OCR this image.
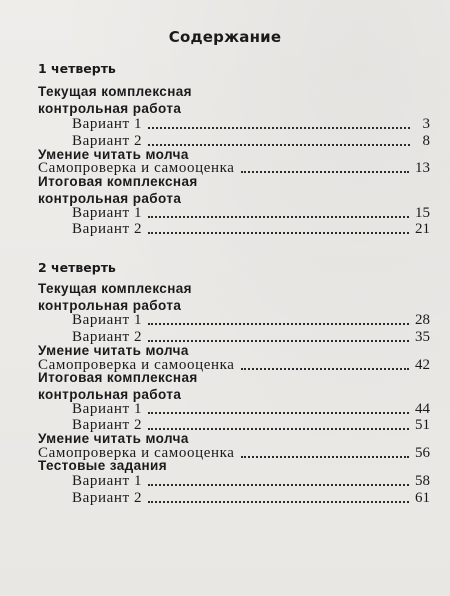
Содержание
1 четверть
Текущая комплексная
контрольная работа
Вариант 1	3
Вариант 2	8
Умение читать молча
Самопроверка и самооценка	13
Итоговая комплексная
контрольная работа
Вариант 1	15
Вариант 2	21
2 четверть
Текущая комплексная
контрольная работа
Вариант 1	28
Вариант 2	35
Умение читать молча
Самопроверка и самооценка	42
Итоговая комплексная
контрольная работа
Вариант 1	44
Вариант 2	51
Умение читать молча
Самопроверка и самооценка	56
Тестовые задания
Вариант 1	58
Вариант 2	61
